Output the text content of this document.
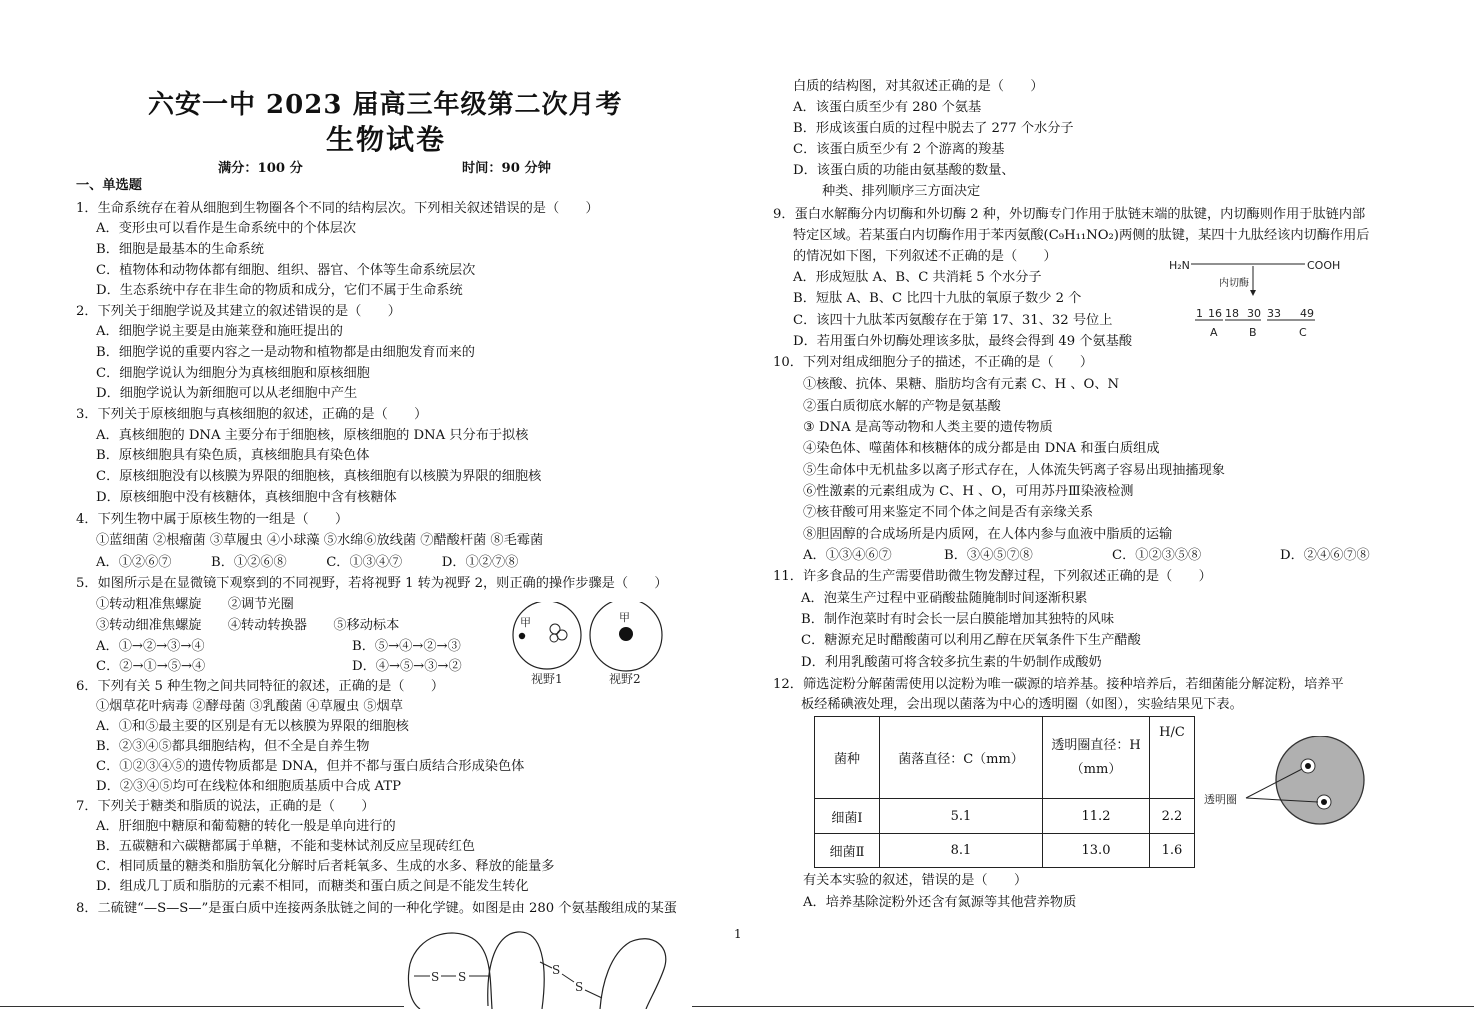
六安一中 2023 届高三年级第二次月考
生物试卷
满分：100 分	时间：90 分钟
一、单选题
1．生命系统存在着从细胞到生物圈各个不同的结构层次。下列相关叙述错误的是（　　）
A．变形虫可以看作是生命系统中的个体层次
B．细胞是最基本的生命系统
C．植物体和动物体都有细胞、组织、器官、个体等生命系统层次
D．生态系统中存在非生命的物质和成分，它们不属于生命系统
2．下列关于细胞学说及其建立的叙述错误的是（　　）
A．细胞学说主要是由施莱登和施旺提出的
B．细胞学说的重要内容之一是动物和植物都是由细胞发育而来的
C．细胞学说认为细胞分为真核细胞和原核细胞
D．细胞学说认为新细胞可以从老细胞中产生
3．下列关于原核细胞与真核细胞的叙述，正确的是（　　）
A．真核细胞的 DNA 主要分布于细胞核，原核细胞的 DNA 只分布于拟核
B．原核细胞具有染色质，真核细胞具有染色体
C．原核细胞没有以核膜为界限的细胞核，真核细胞有以核膜为界限的细胞核
D．原核细胞中没有核糖体，真核细胞中含有核糖体
4．下列生物中属于原核生物的一组是（　　）
①蓝细菌 ②根瘤菌 ③草履虫 ④小球藻 ⑤水绵⑥放线菌 ⑦醋酸杆菌 ⑧毛霉菌
A．①②⑥⑦　　　B．①②⑥⑧　　　C．①③④⑦　　　D．①②⑦⑧
5．如图所示是在显微镜下观察到的不同视野，若将视野 1 转为视野 2，则正确的操作步骤是（　　）
①转动粗准焦螺旋　　②调节光圈
③转动细准焦螺旋　　④转动转换器　　⑤移动标本
A．①→②→③→④	B．⑤→④→②→③
C．②→①→⑤→④	D．④→⑤→③→②
6．下列有关 5 种生物之间共同特征的叙述，正确的是（　　）
①烟草花叶病毒 ②酵母菌 ③乳酸菌 ④草履虫 ⑤烟草
A．①和⑤最主要的区别是有无以核膜为界限的细胞核
B．②③④⑤都具细胞结构，但不全是自养生物
C．①②③④⑤的遗传物质都是 DNA，但并不都与蛋白质结合形成染色体
D．②③④⑤均可在线粒体和细胞质基质中合成 ATP
7．下列关于糖类和脂质的说法，正确的是（　　）
A．肝细胞中糖原和葡萄糖的转化一般是单向进行的
B．五碳糖和六碳糖都属于单糖，不能和斐林试剂反应呈现砖红色
C．相同质量的糖类和脂肪氧化分解时后者耗氧多、生成的水多、释放的能量多
D．组成几丁质和脂肪的元素不相同，而糖类和蛋白质之间是不能发生转化
8．二硫键“—S—S—”是蛋白质中连接两条肽链之间的一种化学键。如图是由 280 个氨基酸组成的某蛋
白质的结构图，对其叙述正确的是（　　）
A．该蛋白质至少有 280 个氨基
B．形成该蛋白质的过程中脱去了 277 个水分子
C．该蛋白质至少有 2 个游离的羧基
D．该蛋白质的功能由氨基酸的数量、
种类、排列顺序三方面决定
9．蛋白水解酶分内切酶和外切酶 2 种，外切酶专门作用于肽链末端的肽键，内切酶则作用于肽链内部
特定区域。若某蛋白内切酶作用于苯丙氨酸(C₉H₁₁NO₂)两侧的肽键，某四十九肽经该内切酶作用后
的情况如下图，下列叙述不正确的是（　　）
A．形成短肽 A、B、C 共消耗 5 个水分子
B．短肽 A、B、C 比四十九肽的氧原子数少 2 个
C．该四十九肽苯丙氨酸存在于第 17、31、32 号位上
D．若用蛋白外切酶处理该多肽，最终会得到 49 个氨基酸
10．下列对组成细胞分子的描述，不正确的是（　　）
①核酸、抗体、果糖、脂肪均含有元素 C、H 、O、N
②蛋白质彻底水解的产物是氨基酸
③ DNA 是高等动物和人类主要的遗传物质
④染色体、噬菌体和核糖体的成分都是由 DNA 和蛋白质组成
⑤生命体中无机盐多以离子形式存在，人体流失钙离子容易出现抽搐现象
⑥性激素的元素组成为 C、H 、O，可用苏丹Ⅲ染液检测
⑦核苷酸可用来鉴定不同个体之间是否有亲缘关系
⑧胆固醇的合成场所是内质网，在人体内参与血液中脂质的运输
A．①③④⑥⑦	B．③④⑤⑦⑧	C．①②③⑤⑧	D．②④⑥⑦⑧
11．许多食品的生产需要借助微生物发酵过程，下列叙述正确的是（　　）
A．泡菜生产过程中亚硝酸盐随腌制时间逐渐积累
B．制作泡菜时有时会长一层白膜能增加其独特的风味
C．糖源充足时醋酸菌可以利用乙醇在厌氧条件下生产醋酸
D．利用乳酸菌可将含较多抗生素的牛奶制作成酸奶
12．筛选淀粉分解菌需使用以淀粉为唯一碳源的培养基。接种培养后，若细菌能分解淀粉，培养平
板经稀碘液处理，会出现以菌落为中心的透明圈（如图），实验结果见下表。
有关本实验的叙述，错误的是（　　）
A．培养基除淀粉外还含有氮源等其他营养物质
1
甲	甲
视野1	视野2
H₂N	COOH
内切酶
1 16 18 30 33 49
A	B	C
菌种	菌落直径：C（mm）	透明圈直径：H（mm）	H/C
细菌Ⅰ	5.1	11.2	2.2
细菌Ⅱ	8.1	13.0	1.6
透明圈
S S	S
S
